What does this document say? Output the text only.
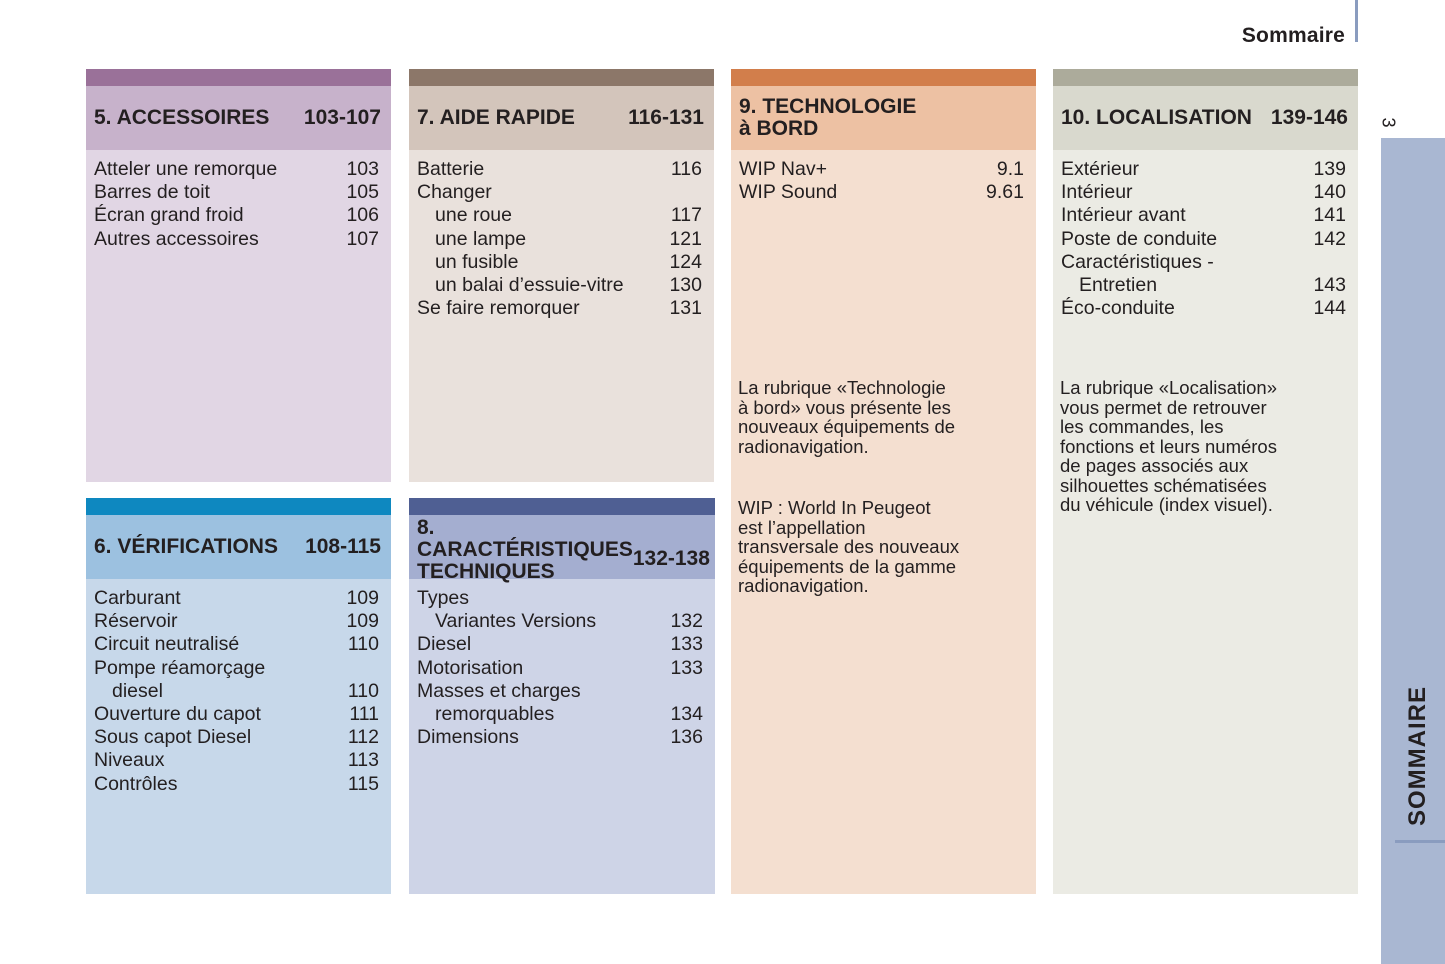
Sommaire
3
SOMMAIRE
5. ACCESSOIRES 103-107
Atteler une remorque	103
Barres de toit	105
Écran grand froid	106
Autres accessoires	107
7. AIDE RAPIDE	116-131
Batterie	116
Changer
une roue	117
une lampe	121
un fusible	124
un balai d’essuie-vitre 130
Se faire remorquer	131
9. TECHNOLOGIE
à BORD
WIP Nav+	9.1
WIP Sound	9.61
La rubrique «Technologie
à bord» vous présente les
nouveaux équipements de
radionavigation.
WIP : World In Peugeot
est l’appellation
transversale des nouveaux
équipements de la gamme
radionavigation.
10. LOCALISATION 139-146
Extérieur	139
Intérieur	140
Intérieur avant	141
Poste de conduite	142
Caractéristiques -
Entretien	143
Éco-conduite	144
La rubrique «Localisation»
vous permet de retrouver
les commandes, les
fonctions et leurs numéros
de pages associés aux
silhouettes schématisées
du véhicule (index visuel).
6. VÉRIFICATIONS 108-115
Carburant	109
Réservoir	109
Circuit neutralisé	110
Pompe réamorçage
diesel	110
Ouverture du capot	111
Sous capot Diesel	112
Niveaux	113
Contrôles	115
8. CARACTÉRISTIQUES
TECHNIQUES
132-138
Types
Variantes Versions	132
Diesel	133
Motorisation	133
Masses et charges
remorquables	134
Dimensions	136
